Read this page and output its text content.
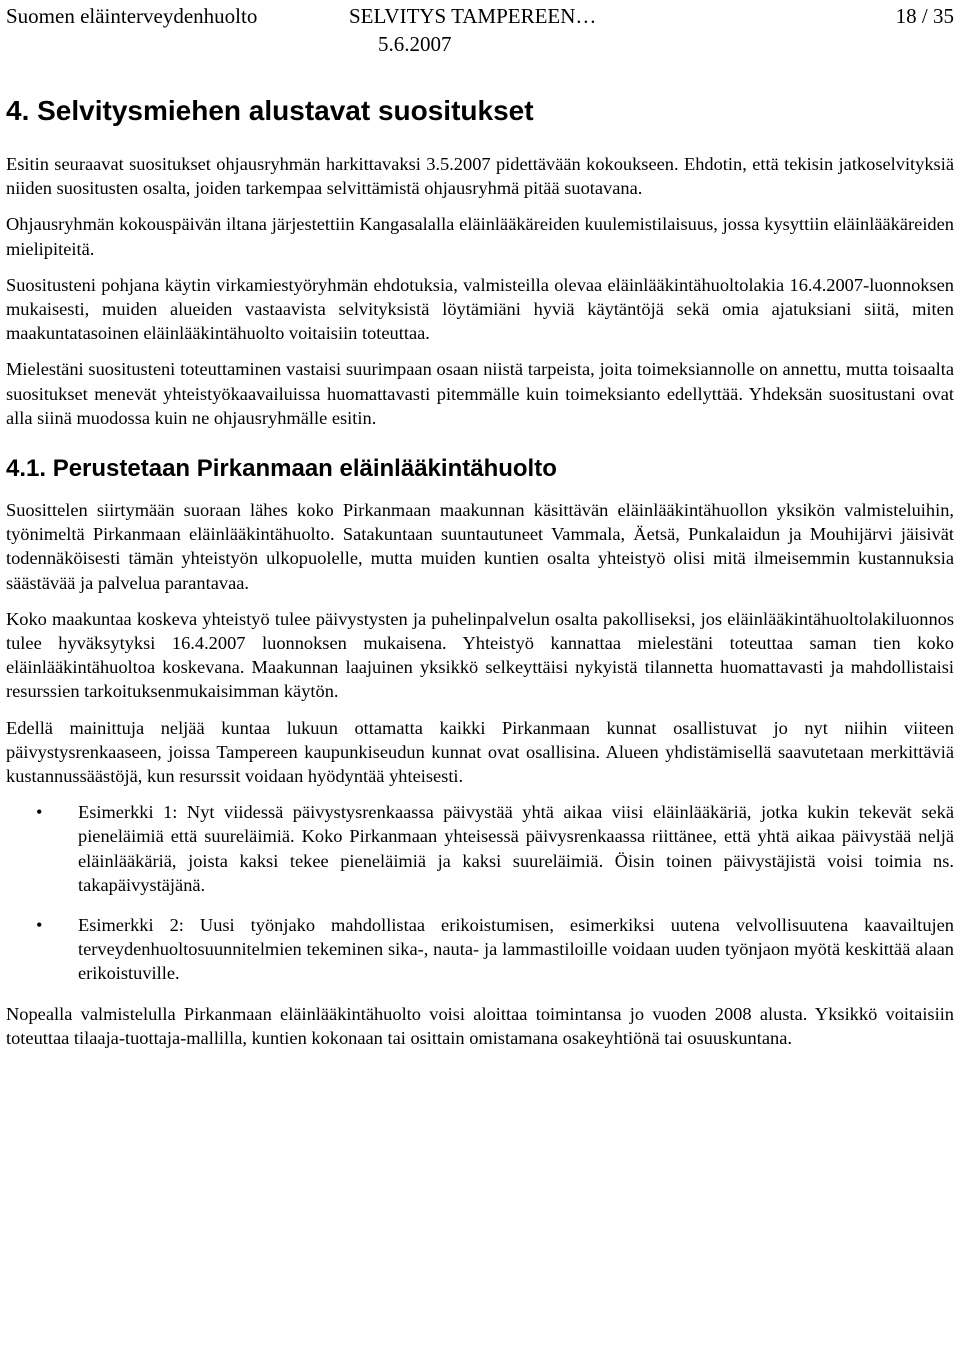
Suomen eläinterveydenhuolto	SELVITYS TAMPEREEN…	18 / 35
5.6.2007
4. Selvitysmiehen alustavat suositukset

Esitin seuraavat suositukset ohjausryhmän harkittavaksi 3.5.2007 pidettävään kokoukseen. Ehdotin, että tekisin jatkoselvityksiä niiden suositusten osalta, joiden tarkempaa selvittämistä ohjausryhmä pitää suotavana.

Ohjausryhmän kokouspäivän iltana järjestettiin Kangasalalla eläinlääkäreiden kuulemistilaisuus, jossa kysyttiin eläinlääkäreiden mielipiteitä.

Suositusteni pohjana käytin virkamiestyöryhmän ehdotuksia, valmisteilla olevaa eläinlääkintähuoltolakia 16.4.2007-luonnoksen mukaisesti, muiden alueiden vastaavista selvityksistä löytämiäni hyviä käytäntöjä sekä omia ajatuksiani siitä, miten maakuntatasoinen eläinlääkintähuolto voitaisiin toteuttaa.

Mielestäni suositusteni toteuttaminen vastaisi suurimpaan osaan niistä tarpeista, joita toimeksiannolle on annettu, mutta toisaalta suositukset menevät yhteistyökaavailuissa huomattavasti pitemmälle kuin toimeksianto edellyttää. Yhdeksän suositustani ovat alla siinä muodossa kuin ne ohjausryhmälle esitin.

4.1. Perustetaan Pirkanmaan eläinlääkintähuolto

Suosittelen siirtymään suoraan lähes koko Pirkanmaan maakunnan käsittävän eläinlääkintähuollon yksikön valmisteluihin, työnimeltä Pirkanmaan eläinlääkintähuolto. Satakuntaan suuntautuneet Vammala, Äetsä, Punkalaidun ja Mouhijärvi jäisivät todennäköisesti tämän yhteistyön ulkopuolelle, mutta muiden kuntien osalta yhteistyö olisi mitä ilmeisemmin kustannuksia säästävää ja palvelua parantavaa.

Koko maakuntaa koskeva yhteistyö tulee päivystysten ja puhelinpalvelun osalta pakolliseksi, jos eläinlääkintähuoltolakiluonnos tulee hyväksytyksi 16.4.2007 luonnoksen mukaisena. Yhteistyö kannattaa mielestäni toteuttaa saman tien koko eläinlääkintähuoltoa koskevana. Maakunnan laajuinen yksikkö selkeyttäisi nykyistä tilannetta huomattavasti ja mahdollistaisi resurssien tarkoituksenmukaisimman käytön.

Edellä mainittuja neljää kuntaa lukuun ottamatta kaikki Pirkanmaan kunnat osallistuvat jo nyt niihin viiteen päivystysrenkaaseen, joissa Tampereen kaupunkiseudun kunnat ovat osallisina. Alueen yhdistämisellä saavutetaan merkittäviä kustannussäästöjä, kun resurssit voidaan hyödyntää yhteisesti.

• Esimerkki 1: Nyt viidessä päivystysrenkaassa päivystää yhtä aikaa viisi eläinlääkäriä, jotka kukin tekevät sekä pieneläimiä että suureläimiä. Koko Pirkanmaan yhteisessä päivysrenkaassa riittänee, että yhtä aikaa päivystää neljä eläinlääkäriä, joista kaksi tekee pieneläimiä ja kaksi suureläimiä. Öisin toinen päivystäjistä voisi toimia ns. takapäivystäjänä.
• Esimerkki 2: Uusi työnjako mahdollistaa erikoistumisen, esimerkiksi uutena velvollisuutena kaavailtujen terveydenhuoltosuunnitelmien tekeminen sika-, nauta- ja lammastiloille voidaan uuden työnjaon myötä keskittää alaan erikoistuville.

Nopealla valmistelulla Pirkanmaan eläinlääkintähuolto voisi aloittaa toimintansa jo vuoden 2008 alusta. Yksikkö voitaisiin toteuttaa tilaaja-tuottaja-mallilla, kuntien kokonaan tai osittain omistamana osakeyhtiönä tai osuuskuntana.
